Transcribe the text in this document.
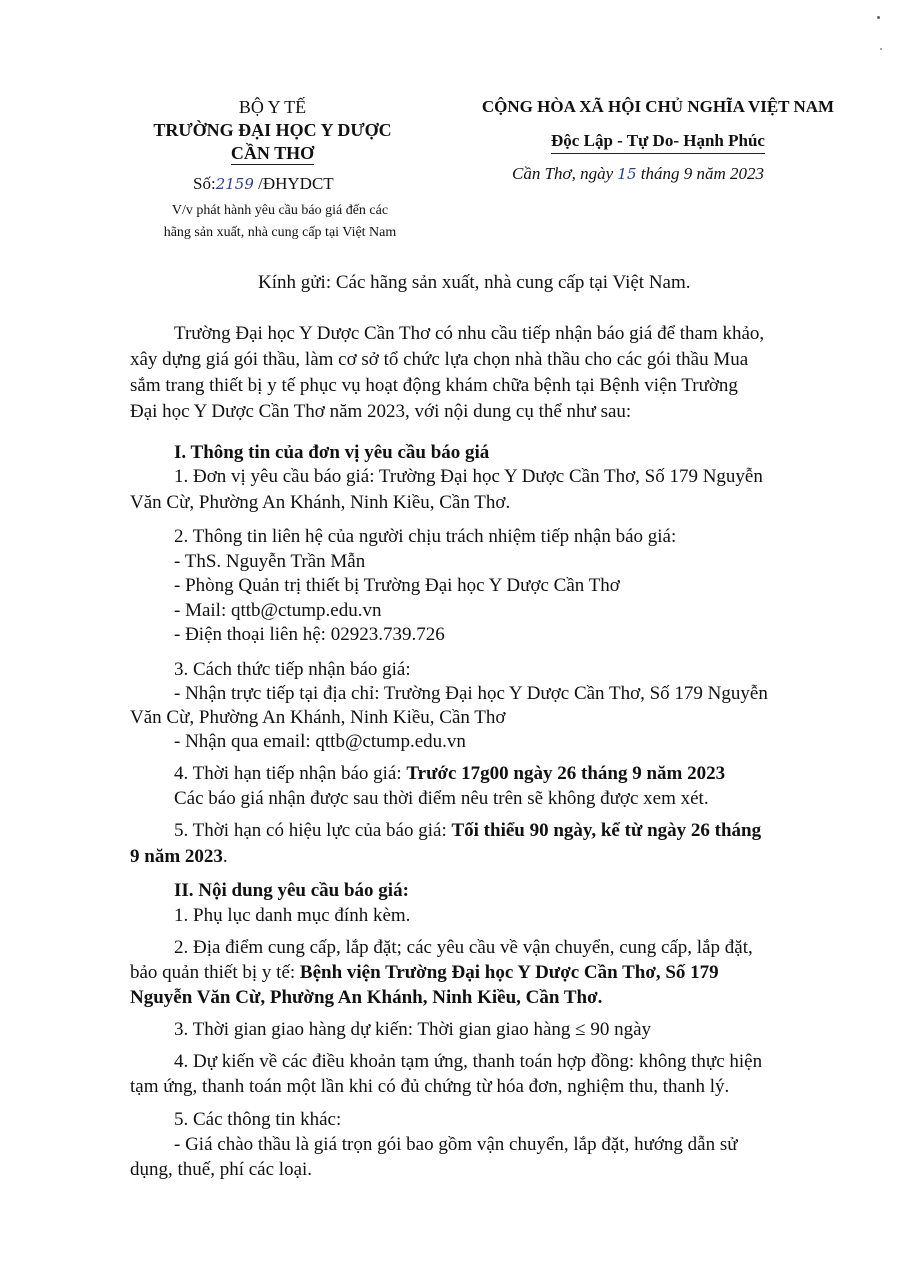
BỘ Y TẾ
TRƯỜNG ĐẠI HỌC Y DƯỢC
CẦN THƠ
Số:2159 /ĐHYDCT
V/v phát hành yêu cầu báo giá đến các
hãng sản xuất, nhà cung cấp tại Việt Nam
CỘNG HÒA XÃ HỘI CHỦ NGHĨA VIỆT NAM
Độc Lập - Tự Do- Hạnh Phúc
Cần Thơ, ngày 15 tháng 9 năm 2023
Kính gửi: Các hãng sản xuất, nhà cung cấp tại Việt Nam.
Trường Đại học Y Dược Cần Thơ có nhu cầu tiếp nhận báo giá để tham khảo,
xây dựng giá gói thầu, làm cơ sở tổ chức lựa chọn nhà thầu cho các gói thầu Mua
sắm trang thiết bị y tế phục vụ hoạt động khám chữa bệnh tại Bệnh viện Trường
Đại học Y Dược Cần Thơ năm 2023, với nội dung cụ thể như sau:
I. Thông tin của đơn vị yêu cầu báo giá
1. Đơn vị yêu cầu báo giá: Trường Đại học Y Dược Cần Thơ, Số 179 Nguyễn
Văn Cừ, Phường An Khánh, Ninh Kiều, Cần Thơ.
2. Thông tin liên hệ của người chịu trách nhiệm tiếp nhận báo giá:
- ThS. Nguyễn Trần Mẫn
- Phòng Quản trị thiết bị Trường Đại học Y Dược Cần Thơ
- Mail: qttb@ctump.edu.vn
- Điện thoại liên hệ: 02923.739.726
3. Cách thức tiếp nhận báo giá:
- Nhận trực tiếp tại địa chỉ: Trường Đại học Y Dược Cần Thơ, Số 179 Nguyễn
Văn Cừ, Phường An Khánh, Ninh Kiều, Cần Thơ
- Nhận qua email: qttb@ctump.edu.vn
4. Thời hạn tiếp nhận báo giá: Trước 17g00 ngày 26 tháng 9 năm 2023
Các báo giá nhận được sau thời điểm nêu trên sẽ không được xem xét.
5. Thời hạn có hiệu lực của báo giá: Tối thiểu 90 ngày, kể từ ngày 26 tháng
9 năm 2023.
II. Nội dung yêu cầu báo giá:
1. Phụ lục danh mục đính kèm.
2. Địa điểm cung cấp, lắp đặt; các yêu cầu về vận chuyển, cung cấp, lắp đặt,
bảo quản thiết bị y tế: Bệnh viện Trường Đại học Y Dược Cần Thơ, Số 179
Nguyễn Văn Cừ, Phường An Khánh, Ninh Kiều, Cần Thơ.
3. Thời gian giao hàng dự kiến: Thời gian giao hàng ≤ 90 ngày
4. Dự kiến về các điều khoản tạm ứng, thanh toán hợp đồng: không thực hiện
tạm ứng, thanh toán một lần khi có đủ chứng từ hóa đơn, nghiệm thu, thanh lý.
5. Các thông tin khác:
- Giá chào thầu là giá trọn gói bao gồm vận chuyển, lắp đặt, hướng dẫn sử
dụng, thuế, phí các loại.
